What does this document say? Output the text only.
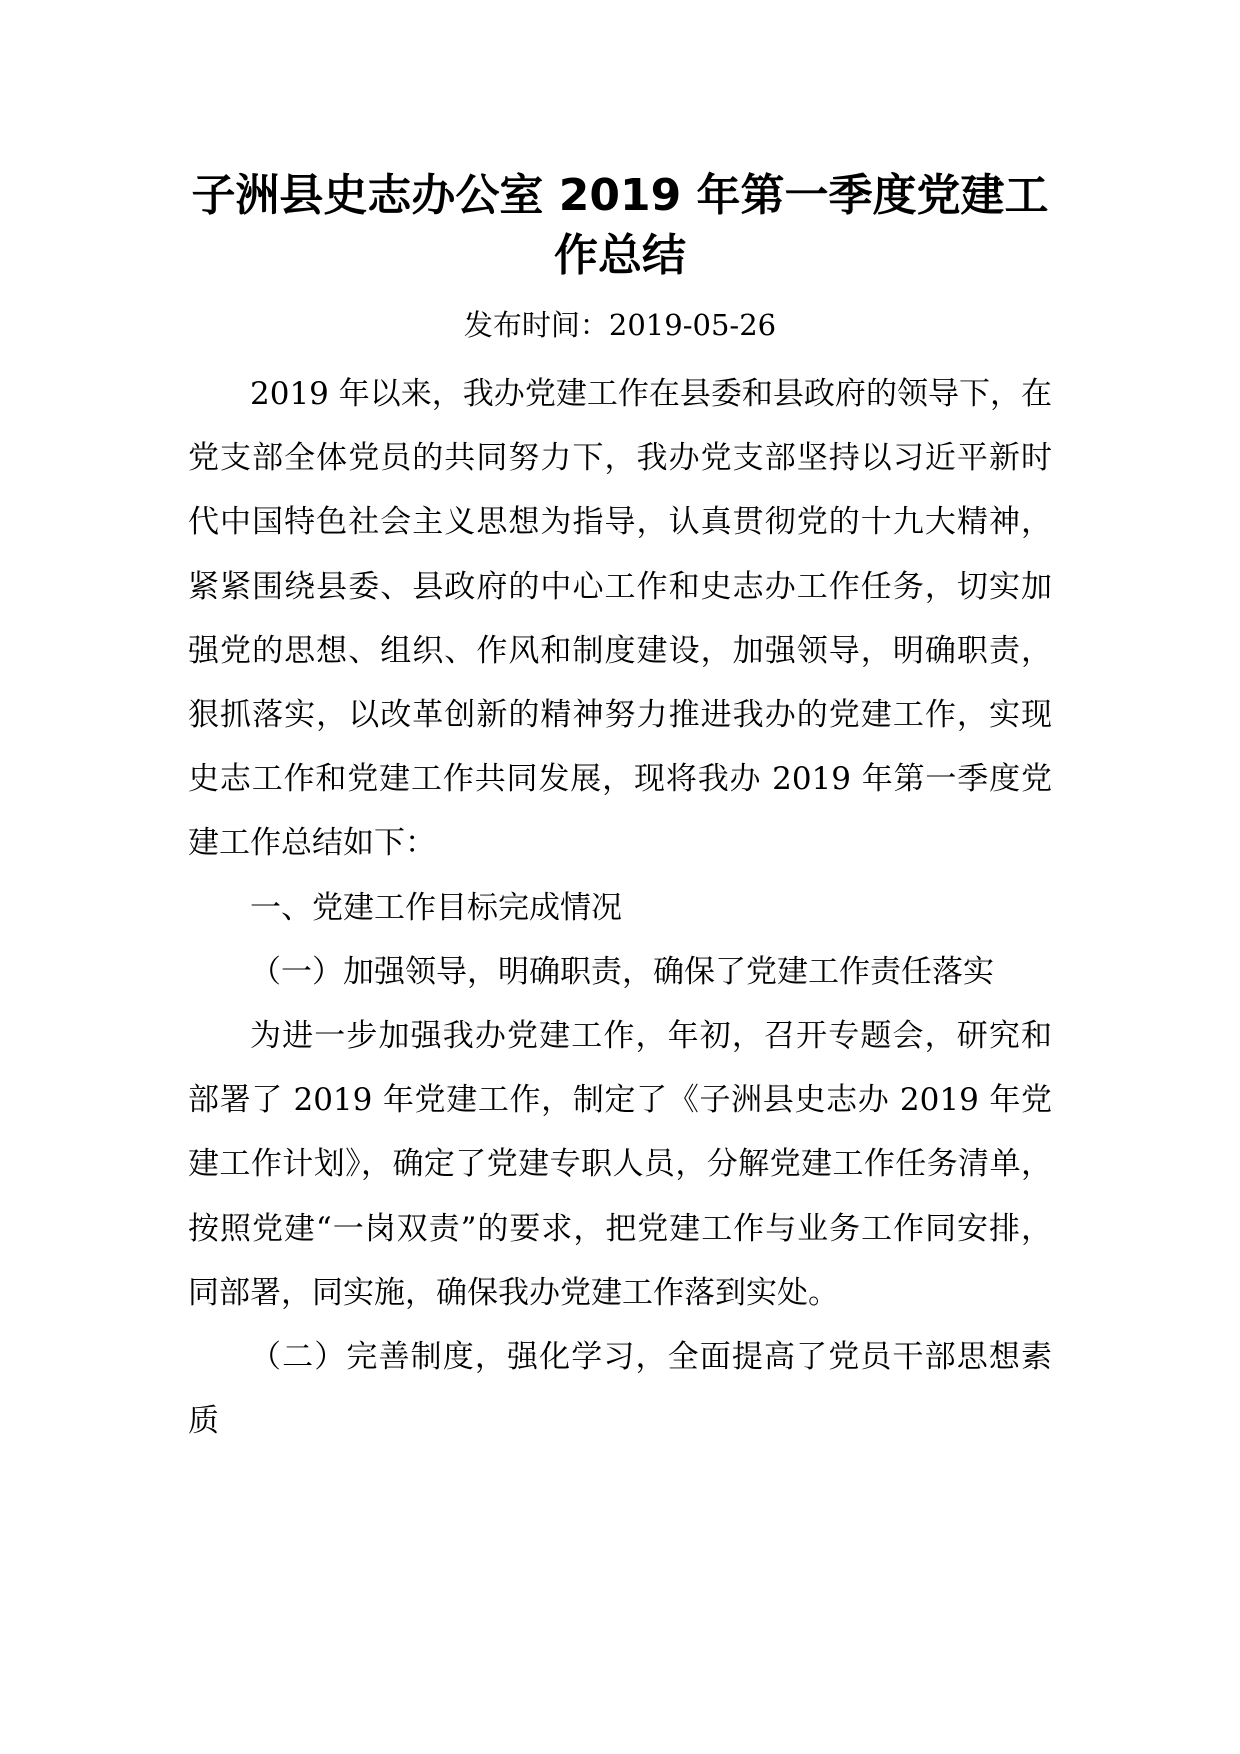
子洲县史志办公室 2019 年第一季度党建工
作总结
发布时间：2019-05-26

2019 年以来，我办党建工作在县委和县政府的领导下，在党支部全体党员的共同努力下，我办党支部坚持以习近平新时代中国特色社会主义思想为指导，认真贯彻党的十九大精神，紧紧围绕县委、县政府的中心工作和史志办工作任务，切实加强党的思想、组织、作风和制度建设，加强领导，明确职责，狠抓落实，以改革创新的精神努力推进我办的党建工作，实现史志工作和党建工作共同发展，现将我办 2019 年第一季度党建工作总结如下：

一、党建工作目标完成情况

（一）加强领导，明确职责，确保了党建工作责任落实

为进一步加强我办党建工作，年初，召开专题会，研究和部署了 2019 年党建工作，制定了《子洲县史志办 2019 年党建工作计划》，确定了党建专职人员，分解党建工作任务清单，按照党建“一岗双责”的要求，把党建工作与业务工作同安排，同部署，同实施，确保我办党建工作落到实处。

（二）完善制度，强化学习，全面提高了党员干部思想素质
